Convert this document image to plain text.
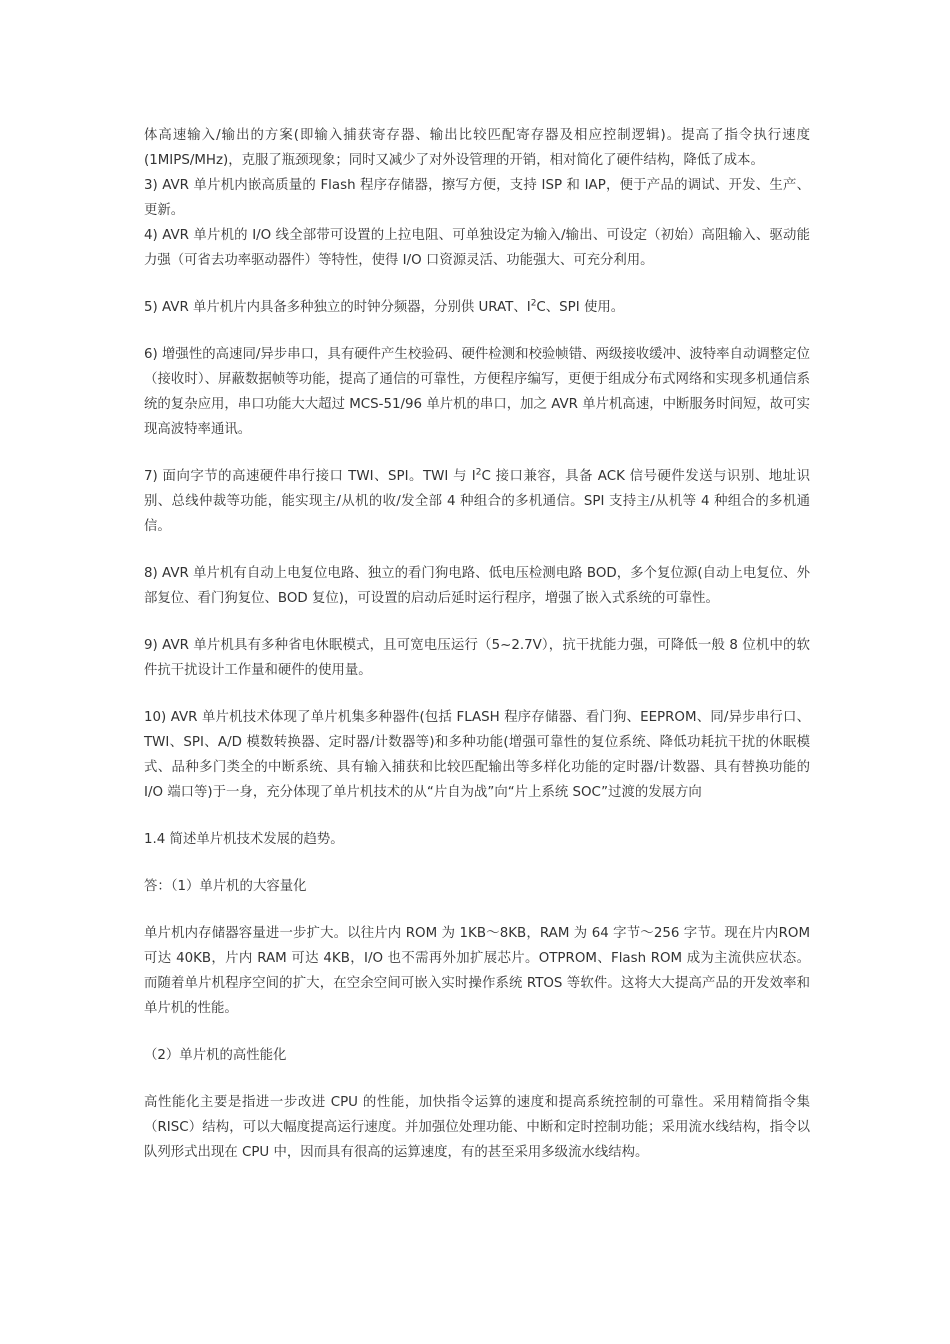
体高速输入/输出的方案(即输入捕获寄存器、输出比较匹配寄存器及相应控制逻辑)。提高了指令执行速度(1MIPS/MHz)，克服了瓶颈现象；同时又减少了对外设管理的开销，相对简化了硬件结构，降低了成本。

3) AVR 单片机内嵌高质量的 Flash 程序存储器，擦写方便，支持 ISP 和 IAP，便于产品的调试、开发、生产、更新。

4) AVR 单片机的 I/O 线全部带可设置的上拉电阻、可单独设定为输入/输出、可设定（初始）高阻输入、驱动能力强（可省去功率驱动器件）等特性，使得 I/O 口资源灵活、功能强大、可充分利用。

5) AVR 单片机片内具备多种独立的时钟分频器，分别供 URAT、$I^2C$、SPI 使用。

6) 增强性的高速同/异步串口，具有硬件产生校验码、硬件检测和校验帧错、两级接收缓冲、波特率自动调整定位（接收时）、屏蔽数据帧等功能，提高了通信的可靠性，方便程序编写，更便于组成分布式网络和实现多机通信系统的复杂应用，串口功能大大超过 MCS-51/96 单片机的串口，加之 AVR 单片机高速，中断服务时间短，故可实现高波特率通讯。

7) 面向字节的高速硬件串行接口 TWI、SPI。TWI 与 $I^2C$ 接口兼容，具备 ACK 信号硬件发送与识别、地址识别、总线仲裁等功能，能实现主/从机的收/发全部 4 种组合的多机通信。SPI 支持主/从机等 4 种组合的多机通信。

8) AVR 单片机有自动上电复位电路、独立的看门狗电路、低电压检测电路 BOD，多个复位源(自动上电复位、外部复位、看门狗复位、BOD 复位)，可设置的启动后延时运行程序，增强了嵌入式系统的可靠性。

9) AVR 单片机具有多种省电休眠模式，且可宽电压运行（5~2.7V），抗干扰能力强，可降低一般 8 位机中的软件抗干扰设计工作量和硬件的使用量。

10) AVR 单片机技术体现了单片机集多种器件(包括 FLASH 程序存储器、看门狗、EEPROM、同/异步串行口、TWI、SPI、A/D 模数转换器、定时器/计数器等)和多种功能(增强可靠性的复位系统、降低功耗抗干扰的休眠模式、品种多门类全的中断系统、具有输入捕获和比较匹配输出等多样化功能的定时器/计数器、具有替换功能的 I/O 端口等)于一身，充分体现了单片机技术的从“片自为战”向“片上系统 SOC”过渡的发展方向

1.4 简述单片机技术发展的趋势。

答：（1）单片机的大容量化

单片机内存储器容量进一步扩大。以往片内 ROM 为 1KB～8KB，RAM 为 64 字节～256 字节。现在片内ROM 可达 40KB，片内 RAM 可达 4KB，I/O 也不需再外加扩展芯片。OTPROM、Flash ROM 成为主流供应状态。而随着单片机程序空间的扩大，在空余空间可嵌入实时操作系统 RTOS 等软件。这将大大提高产品的开发效率和单片机的性能。

（2）单片机的高性能化

高性能化主要是指进一步改进 CPU 的性能，加快指令运算的速度和提高系统控制的可靠性。采用精简指令集（RISC）结构，可以大幅度提高运行速度。并加强位处理功能、中断和定时控制功能；采用流水线结构，指令以队列形式出现在 CPU 中，因而具有很高的运算速度，有的甚至采用多级流水线结构。
